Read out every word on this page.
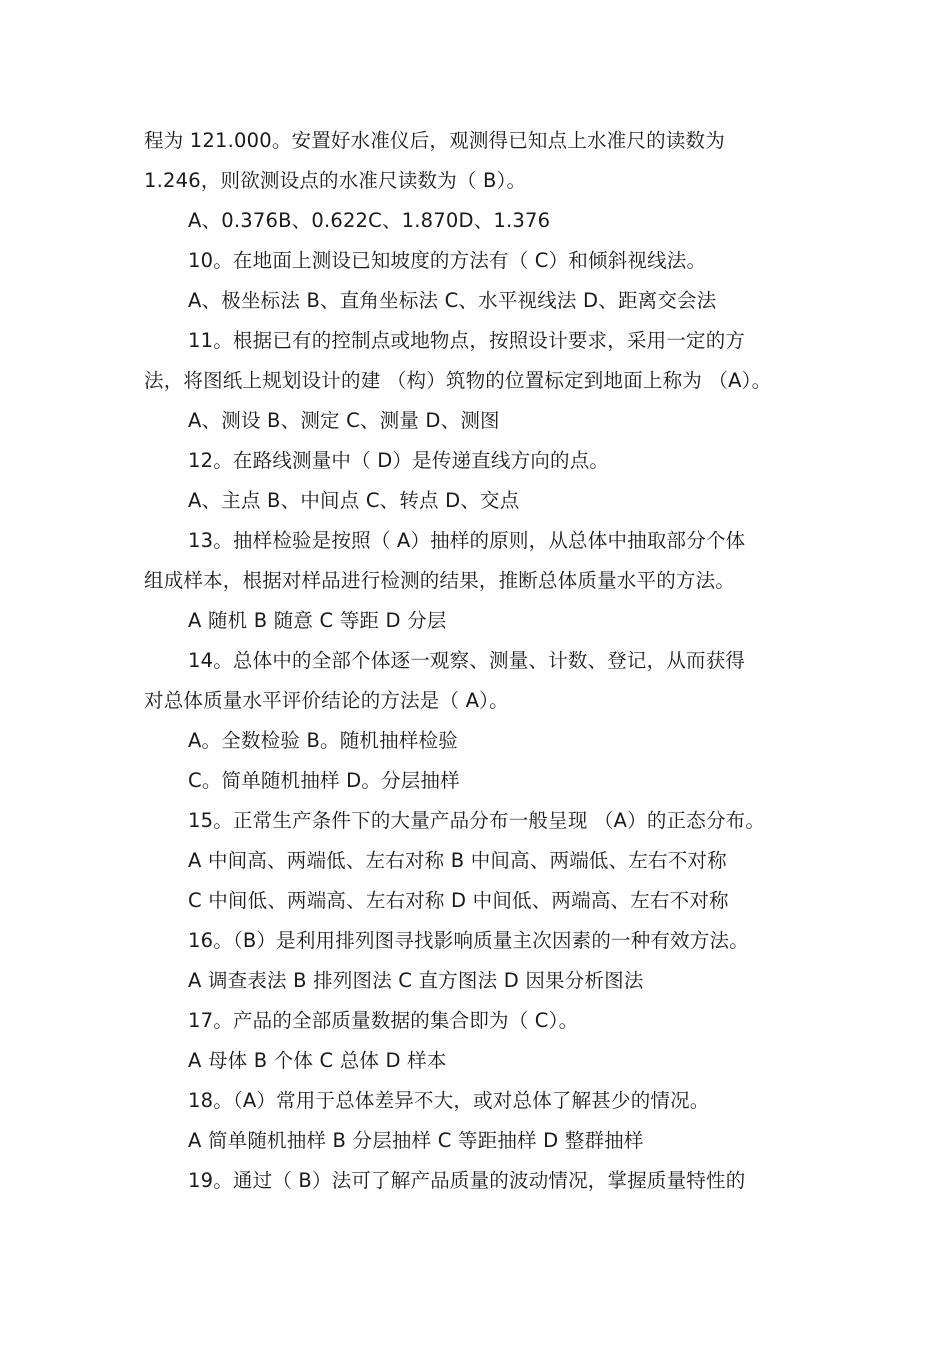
程为 121.000。安置好水准仪后，观测得已知点上水准尺的读数为
1.246，则欲测设点的水准尺读数为（ B）。
A、0.376B、0.622C、1.870D、1.376
10。在地面上测设已知坡度的方法有（ C）和倾斜视线法。
A、极坐标法 B、直角坐标法 C、水平视线法 D、距离交会法
11。根据已有的控制点或地物点，按照设计要求，采用一定的方
法，将图纸上规划设计的建 （构）筑物的位置标定到地面上称为 （A）。
A、测设 B、测定 C、测量 D、测图
12。在路线测量中（ D）是传递直线方向的点。
A、主点 B、中间点 C、转点 D、交点
13。抽样检验是按照（ A）抽样的原则，从总体中抽取部分个体
组成样本，根据对样品进行检测的结果，推断总体质量水平的方法。
A 随机 B 随意 C 等距 D 分层
14。总体中的全部个体逐一观察、测量、计数、登记，从而获得
对总体质量水平评价结论的方法是（ A）。
A。全数检验 B。随机抽样检验
C。简单随机抽样 D。分层抽样
15。正常生产条件下的大量产品分布一般呈现 （A）的正态分布。
A 中间高、两端低、左右对称 B 中间高、两端低、左右不对称
C 中间低、两端高、左右对称 D 中间低、两端高、左右不对称
16。（B）是利用排列图寻找影响质量主次因素的一种有效方法。
A 调查表法 B 排列图法 C 直方图法 D 因果分析图法
17。产品的全部质量数据的集合即为（ C）。
A 母体 B 个体 C 总体 D 样本
18。（A）常用于总体差异不大，或对总体了解甚少的情况。
A 简单随机抽样 B 分层抽样 C 等距抽样 D 整群抽样
19。通过（ B）法可了解产品质量的波动情况，掌握质量特性的
